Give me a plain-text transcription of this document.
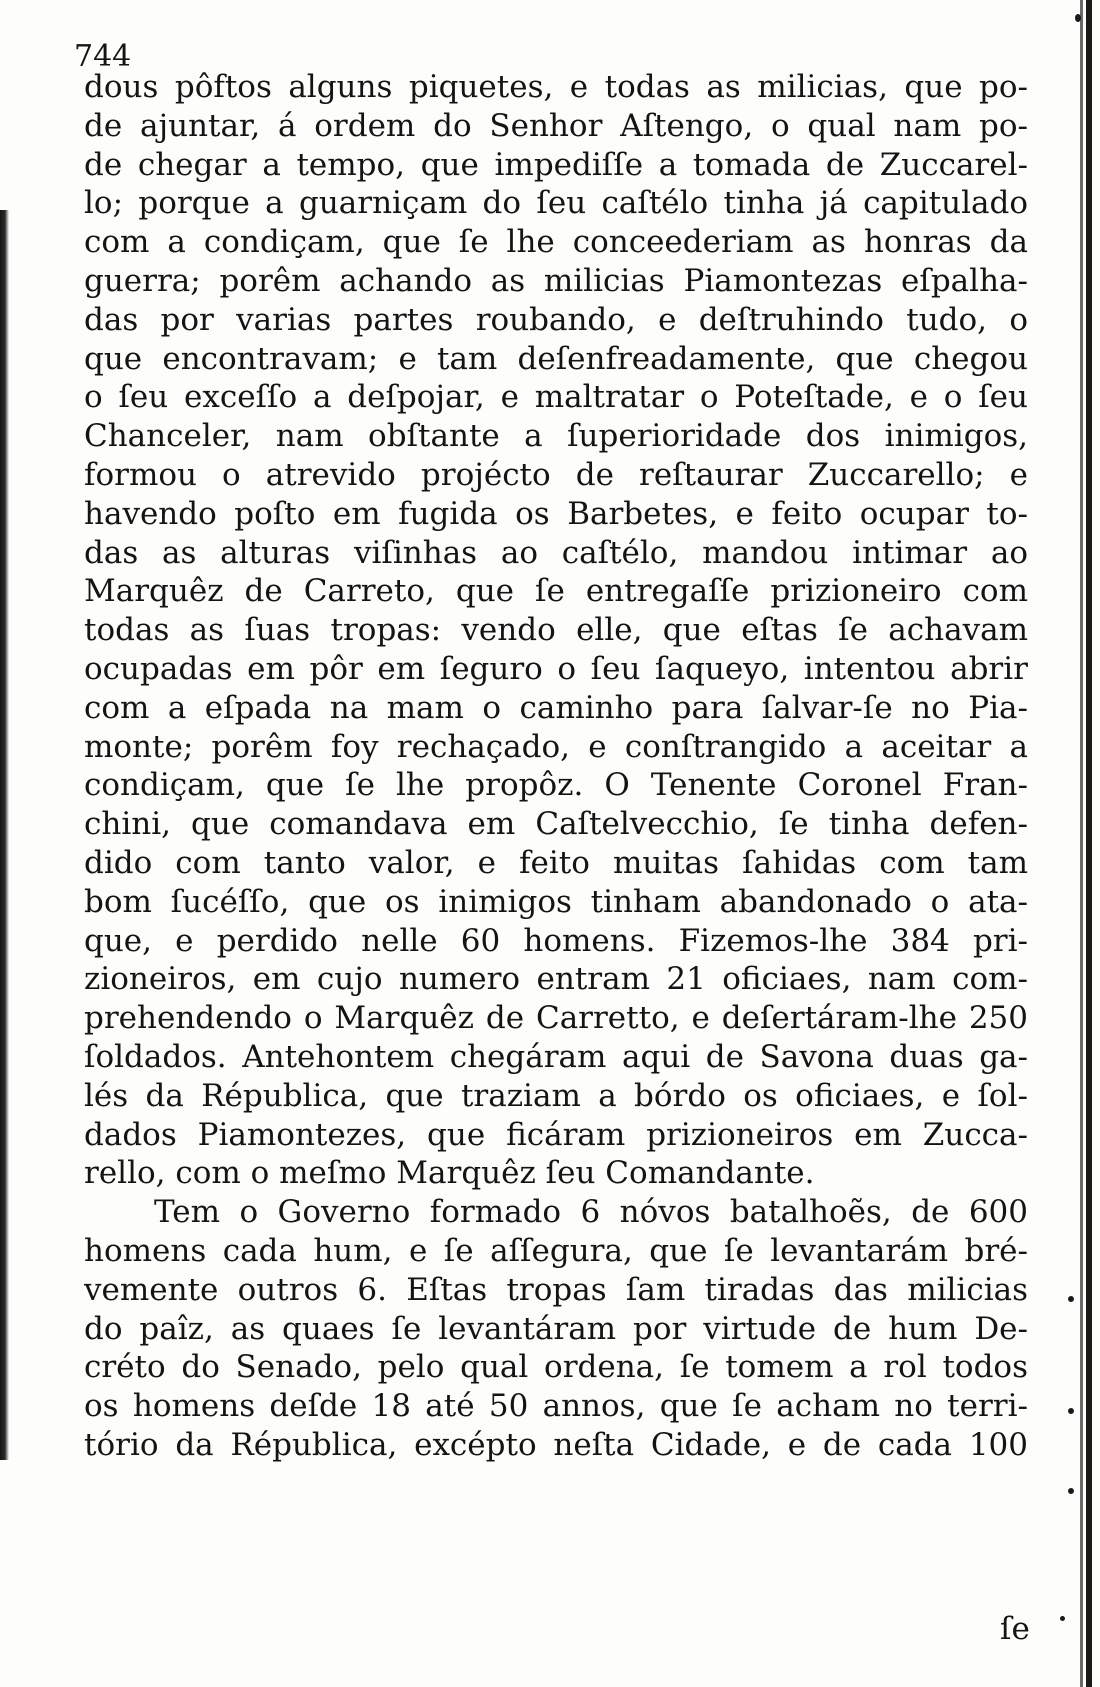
744

dous pôftos alguns piquetes, e todas as milicias, que po-
de ajuntar, á ordem do Senhor Aſtengo, o qual nam po-
de chegar a tempo, que impediſſe a tomada de Zuccarel-
lo; porque a guarniçam do ſeu caſtélo tinha já capitulado
com a condiçam, que ſe lhe conceederiam as honras da
guerra; porêm achando as milicias Piamontezas eſpalha-
das por varias partes roubando, e deſtruhindo tudo, o
que encontravam; e tam deſenfreadamente, que chegou
o ſeu exceſſo a deſpojar, e maltratar o Poteſtade, e o ſeu
Chanceler, nam obſtante a ſuperioridade dos inimigos,
formou o atrevido projécto de reſtaurar Zuccarello; e
havendo poſto em fugida os Barbetes, e feito ocupar to-
das as alturas viſinhas ao caſtélo, mandou intimar ao
Marquêz de Carreto, que ſe entregaſſe prizioneiro com
todas as ſuas tropas: vendo elle, que eſtas ſe achavam
ocupadas em pôr em ſeguro o ſeu ſaqueyo, intentou abrir
com a eſpada na mam o caminho para ſalvar-ſe no Pia-
monte; porêm foy rechaçado, e conſtrangido a aceitar a
condiçam, que ſe lhe propôz. O Tenente Coronel Fran-
chini, que comandava em Caſtelvecchio, ſe tinha defen-
dido com tanto valor, e feito muitas ſahidas com tam
bom ſucéſſo, que os inimigos tinham abandonado o ata-
que, e perdido nelle 60 homens. Fizemos-lhe 384 pri-
zioneiros, em cujo numero entram 21 oficiaes, nam com-
prehendendo o Marquêz de Carretto, e deſertáram-lhe 250
ſoldados. Antehontem chegáram aqui de Savona duas ga-
lés da Républica, que traziam a bórdo os oficiaes, e ſol-
dados Piamontezes, que ficáram prizioneiros em Zucca-
rello, com o meſmo Marquêz ſeu Comandante.

Tem o Governo formado 6 nóvos batalhoẽs, de 600
homens cada hum, e ſe aſſegura, que ſe levantarám bré-
vemente outros 6. Eſtas tropas ſam tiradas das milicias
do paîz, as quaes ſe levantáram por virtude de hum De-
créto do Senado, pelo qual ordena, ſe tomem a rol todos
os homens deſde 18 até 50 annos, que ſe acham no terri-
tório da Républica, excépto neſta Cidade, e de cada 100

ſe
